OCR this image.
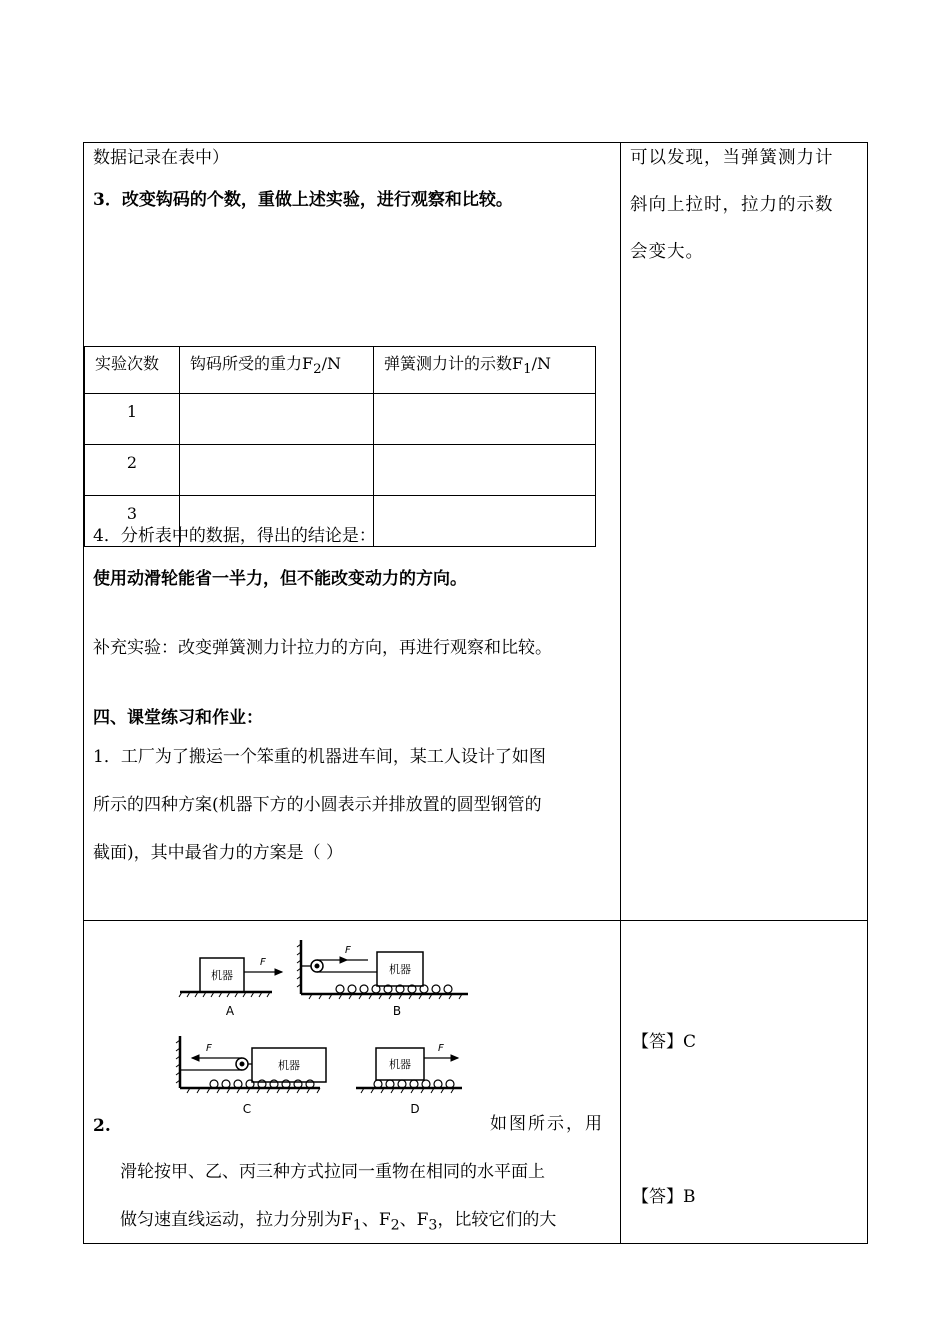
数据记录在表中）
3．改变钩码的个数，重做上述实验，进行观察和比较。
实验次数	钩码所受的重力$F_2/N$	弹簧测力计的示数$F_1/N$
1		
2		
3		
4．分析表中的数据，得出的结论是：
使用动滑轮能省一半力，但不能改变动力的方向。
补充实验：改变弹簧测力计拉力的方向，再进行观察和比较。
四、课堂练习和作业：
1．工厂为了搬运一个笨重的机器进车间，某工人设计了如图
所示的四种方案(机器下方的小圆表示并排放置的圆型钢管的
截面)，其中最省力的方案是（ ）
可以发现，当弹簧测力计
斜向上拉时，拉力的示数
会变大。
【答】C
【答】B
机器
F
A
F
机器
B
F
机器
C
机器
F
D
2.	如图所示，用
滑轮按甲、乙、丙三种方式拉同一重物在相同的水平面上
做匀速直线运动，拉力分别为$F_1$、$F_2$、$F_3$，比较它们的大
